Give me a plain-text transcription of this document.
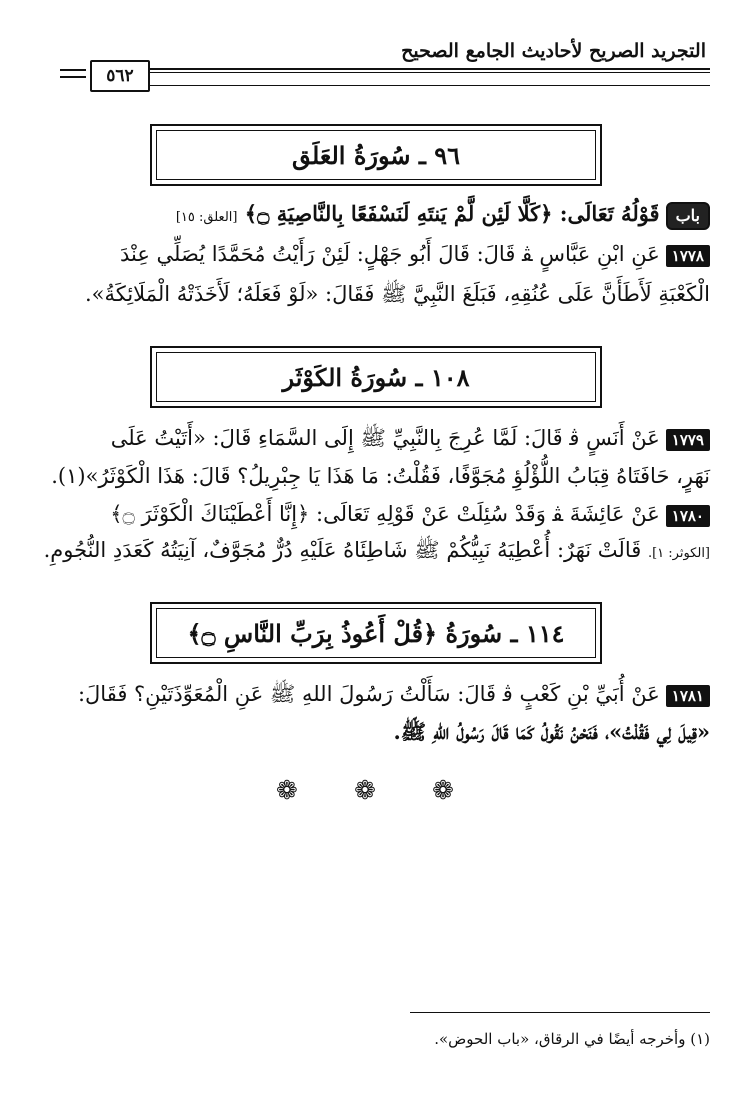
التجريد الصريح لأحاديث الجامع الصحيح
٥٦٢
٩٦ ـ سُورَةُ العَلَق
بابقَوْلُهُ تَعَالَى: ﴿كَلَّا لَئِن لَّمْ يَنتَهِ لَنَسْفَعًا بِالنَّاصِيَةِ ۝﴾ [العلق: ١٥]
١٧٧٨عَنِ ابْنِ عَبَّاسٍ ﭭ قَالَ: قَالَ أَبُو جَهْلٍ: لَئِنْ رَأَيْتُ مُحَمَّدًا يُصَلِّي عِنْدَ
الْكَعْبَةِ لَأَطَأَنَّ عَلَى عُنُقِهِ، فَبَلَغَ النَّبِيَّ ﷺ فَقَالَ: «لَوْ فَعَلَهُ؛ لَأَخَذَتْهُ الْمَلَائِكَةُ».
١٠٨ ـ سُورَةُ الكَوْثَر
١٧٧٩عَنْ أَنَسٍ ﭬ قَالَ: لَمَّا عُرِجَ بِالنَّبِيِّ ﷺ إِلَى السَّمَاءِ قَالَ: «أَتَيْتُ عَلَى
نَهَرٍ، حَافَتَاهُ قِبَابُ اللُّؤْلُؤِ مُجَوَّفًا، فَقُلْتُ: مَا هَذَا يَا جِبْرِيلُ؟ قَالَ: هَذَا الْكَوْثَرُ»(١).
١٧٨٠عَنْ عَائِشَةَ ﭭ وَقَدْ سُئِلَتْ عَنْ قَوْلِهِ تَعَالَى: ﴿إِنَّا أَعْطَيْنَاكَ الْكَوْثَرَ ۝﴾
[الكوثر: ١]. قَالَتْ نَهَرٌ: أُعْطِيَهُ نَبِيُّكُمْ ﷺ شَاطِئَاهُ عَلَيْهِ دُرٌّ مُجَوَّفٌ، آنِيَتُهُ كَعَدَدِ النُّجُومِ.
١١٤ ـ سُورَةُ ﴿قُلْ أَعُوذُ بِرَبِّ النَّاسِ ۝﴾
١٧٨١عَنْ أُبَيِّ بْنِ كَعْبٍ ﭬ قَالَ: سَأَلْتُ رَسُولَ اللهِ ﷺ عَنِ الْمُعَوِّذَتَيْنِ؟ فَقَالَ:
«قِيلَ لِي فَقُلْتُ»، فَنَحْنُ نَقُولُ كَمَا قَالَ رَسُولُ اللهِ ﷺ.
❁ ❁ ❁
(١) وأخرجه أيضًا في الرقاق، «باب الحوض».
